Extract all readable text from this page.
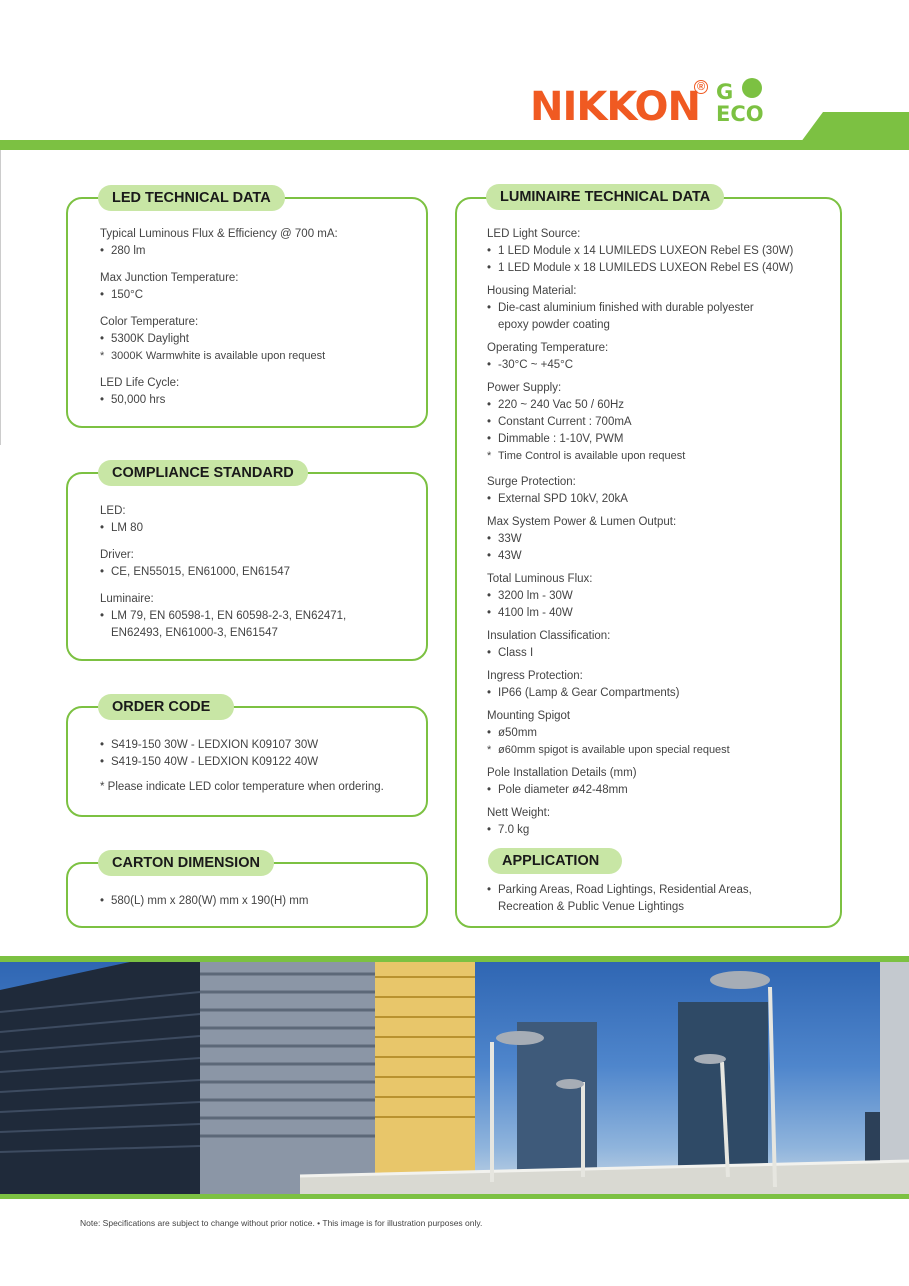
NIKKON
® G
ECO
LED TECHNICAL DATA
Typical Luminous Flux & Efficiency @ 700 mA:
• 280 lm
Max Junction Temperature:
• 150°C
Color Temperature:
• 5300K Daylight
* 3000K Warmwhite is available upon request
LED Life Cycle:
• 50,000 hrs
COMPLIANCE STANDARD
LED:
• LM 80
Driver:
• CE, EN55015, EN61000, EN61547
Luminaire:
• LM 79, EN 60598-1, EN 60598-2-3, EN62471,
EN62493, EN61000-3, EN61547
ORDER CODE
• S419-150 30W - LEDXION K09107 30W
• S419-150 40W - LEDXION K09122 40W
* Please indicate LED color temperature when ordering.
CARTON DIMENSION
• 580(L) mm x 280(W) mm x 190(H) mm
LUMINAIRE TECHNICAL DATA
LED Light Source:
• 1 LED Module x 14 LUMILEDS LUXEON Rebel ES (30W)
• 1 LED Module x 18 LUMILEDS LUXEON Rebel ES (40W)
Housing Material:
• Die-cast aluminium finished with durable polyester
epoxy powder coating
Operating Temperature:
• -30°C ~ +45°C
Power Supply:
• 220 ~ 240 Vac 50 / 60Hz
• Constant Current : 700mA
• Dimmable : 1-10V, PWM
* Time Control is available upon request
Surge Protection:
• External SPD 10kV, 20kA
Max System Power & Lumen Output:
• 33W
• 43W
Total Luminous Flux:
• 3200 lm - 30W
• 4100 lm - 40W
Insulation Classification:
• Class I
Ingress Protection:
• IP66 (Lamp & Gear Compartments)
Mounting Spigot
• ø50mm
* ø60mm spigot is available upon special request
Pole Installation Details (mm)
• Pole diameter ø42-48mm
Nett Weight:
• 7.0 kg
APPLICATION
• Parking Areas, Road Lightings, Residential Areas,
Recreation & Public Venue Lightings
Note: Specifications are subject to change without prior notice. • This image is for illustration purposes only.
